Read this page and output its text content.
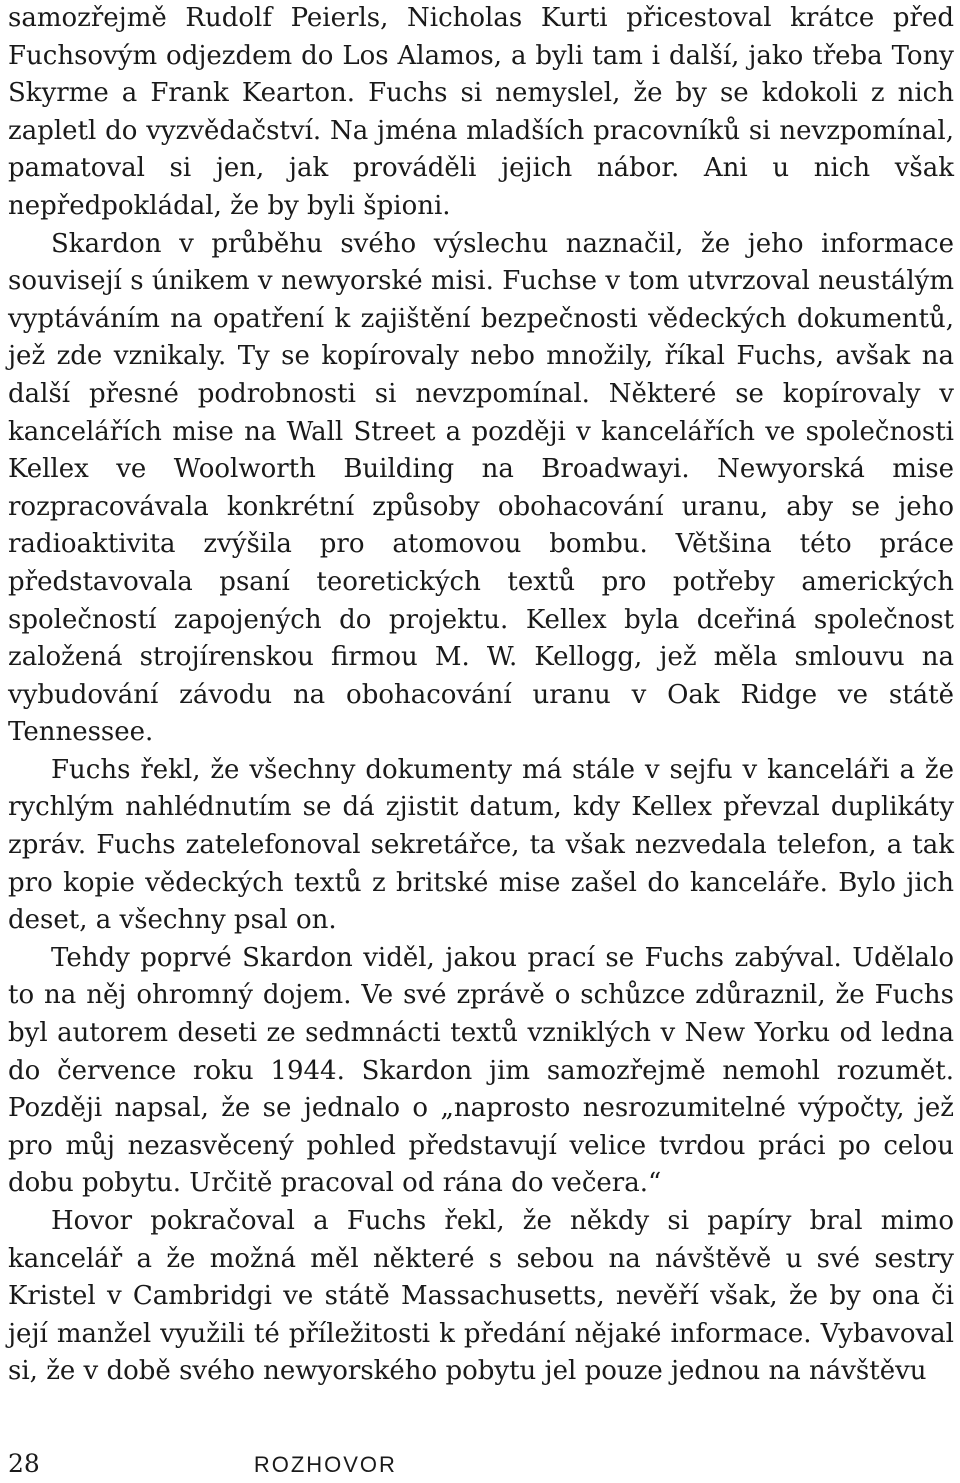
samozřejmě Rudolf Peierls, Nicholas Kurti přicestoval krátce před Fuchsovým odjezdem do Los Alamos, a byli tam i další, jako třeba Tony Skyrme a Frank Kearton. Fuchs si nemyslel, že by se kdokoli z nich zapletl do vyzvědačství. Na jména mladších pracovníků si nevzpomínal, pamatoval si jen, jak prováděli jejich nábor. Ani u nich však nepředpokládal, že by byli špioni.

Skardon v průběhu svého výslechu naznačil, že jeho informace souvisejí s únikem v newyorské misi. Fuchse v tom utvrzoval neustálým vyptáváním na opatření k zajištění bezpečnosti vědeckých dokumentů, jež zde vznikaly. Ty se kopírovaly nebo množily, říkal Fuchs, avšak na další přesné podrobnosti si nevzpomínal. Některé se kopírovaly v kancelářích mise na Wall Street a později v kancelářích ve společnosti Kellex ve Woolworth Building na Broadwayi. Newyorská mise rozpracovávala konkrétní způsoby obohacování uranu, aby se jeho radioaktivita zvýšila pro atomovou bombu. Většina této práce představovala psaní teoretických textů pro potřeby amerických společností zapojených do projektu. Kellex byla dceřiná společnost založená strojírenskou firmou M. W. Kellogg, jež měla smlouvu na vybudování závodu na obohacování uranu v Oak Ridge ve státě Tennessee.

Fuchs řekl, že všechny dokumenty má stále v sejfu v kanceláři a že rychlým nahlédnutím se dá zjistit datum, kdy Kellex převzal duplikáty zpráv. Fuchs zatelefonoval sekretářce, ta však nezvedala telefon, a tak pro kopie vědeckých textů z britské mise zašel do kanceláře. Bylo jich deset, a všechny psal on.

Tehdy poprvé Skardon viděl, jakou prací se Fuchs zabýval. Udělalo to na něj ohromný dojem. Ve své zprávě o schůzce zdůraznil, že Fuchs byl autorem deseti ze sedmnácti textů vzniklých v New Yorku od ledna do července roku 1944. Skardon jim samozřejmě nemohl rozumět. Později napsal, že se jednalo o „naprosto nesrozumitelné výpočty, jež pro můj nezasvěcený pohled představují velice tvrdou práci po celou dobu pobytu. Určitě pracoval od rána do večera.“

Hovor pokračoval a Fuchs řekl, že někdy si papíry bral mimo kancelář a že možná měl některé s sebou na návštěvě u své sestry Kristel v Cambridgi ve státě Massachusetts, nevěří však, že by ona či její manžel využili té příležitosti k předání nějaké informace. Vybavoval si, že v době svého newyorského pobytu jel pouze jednou na návštěvu

28	ROZHOVOR
